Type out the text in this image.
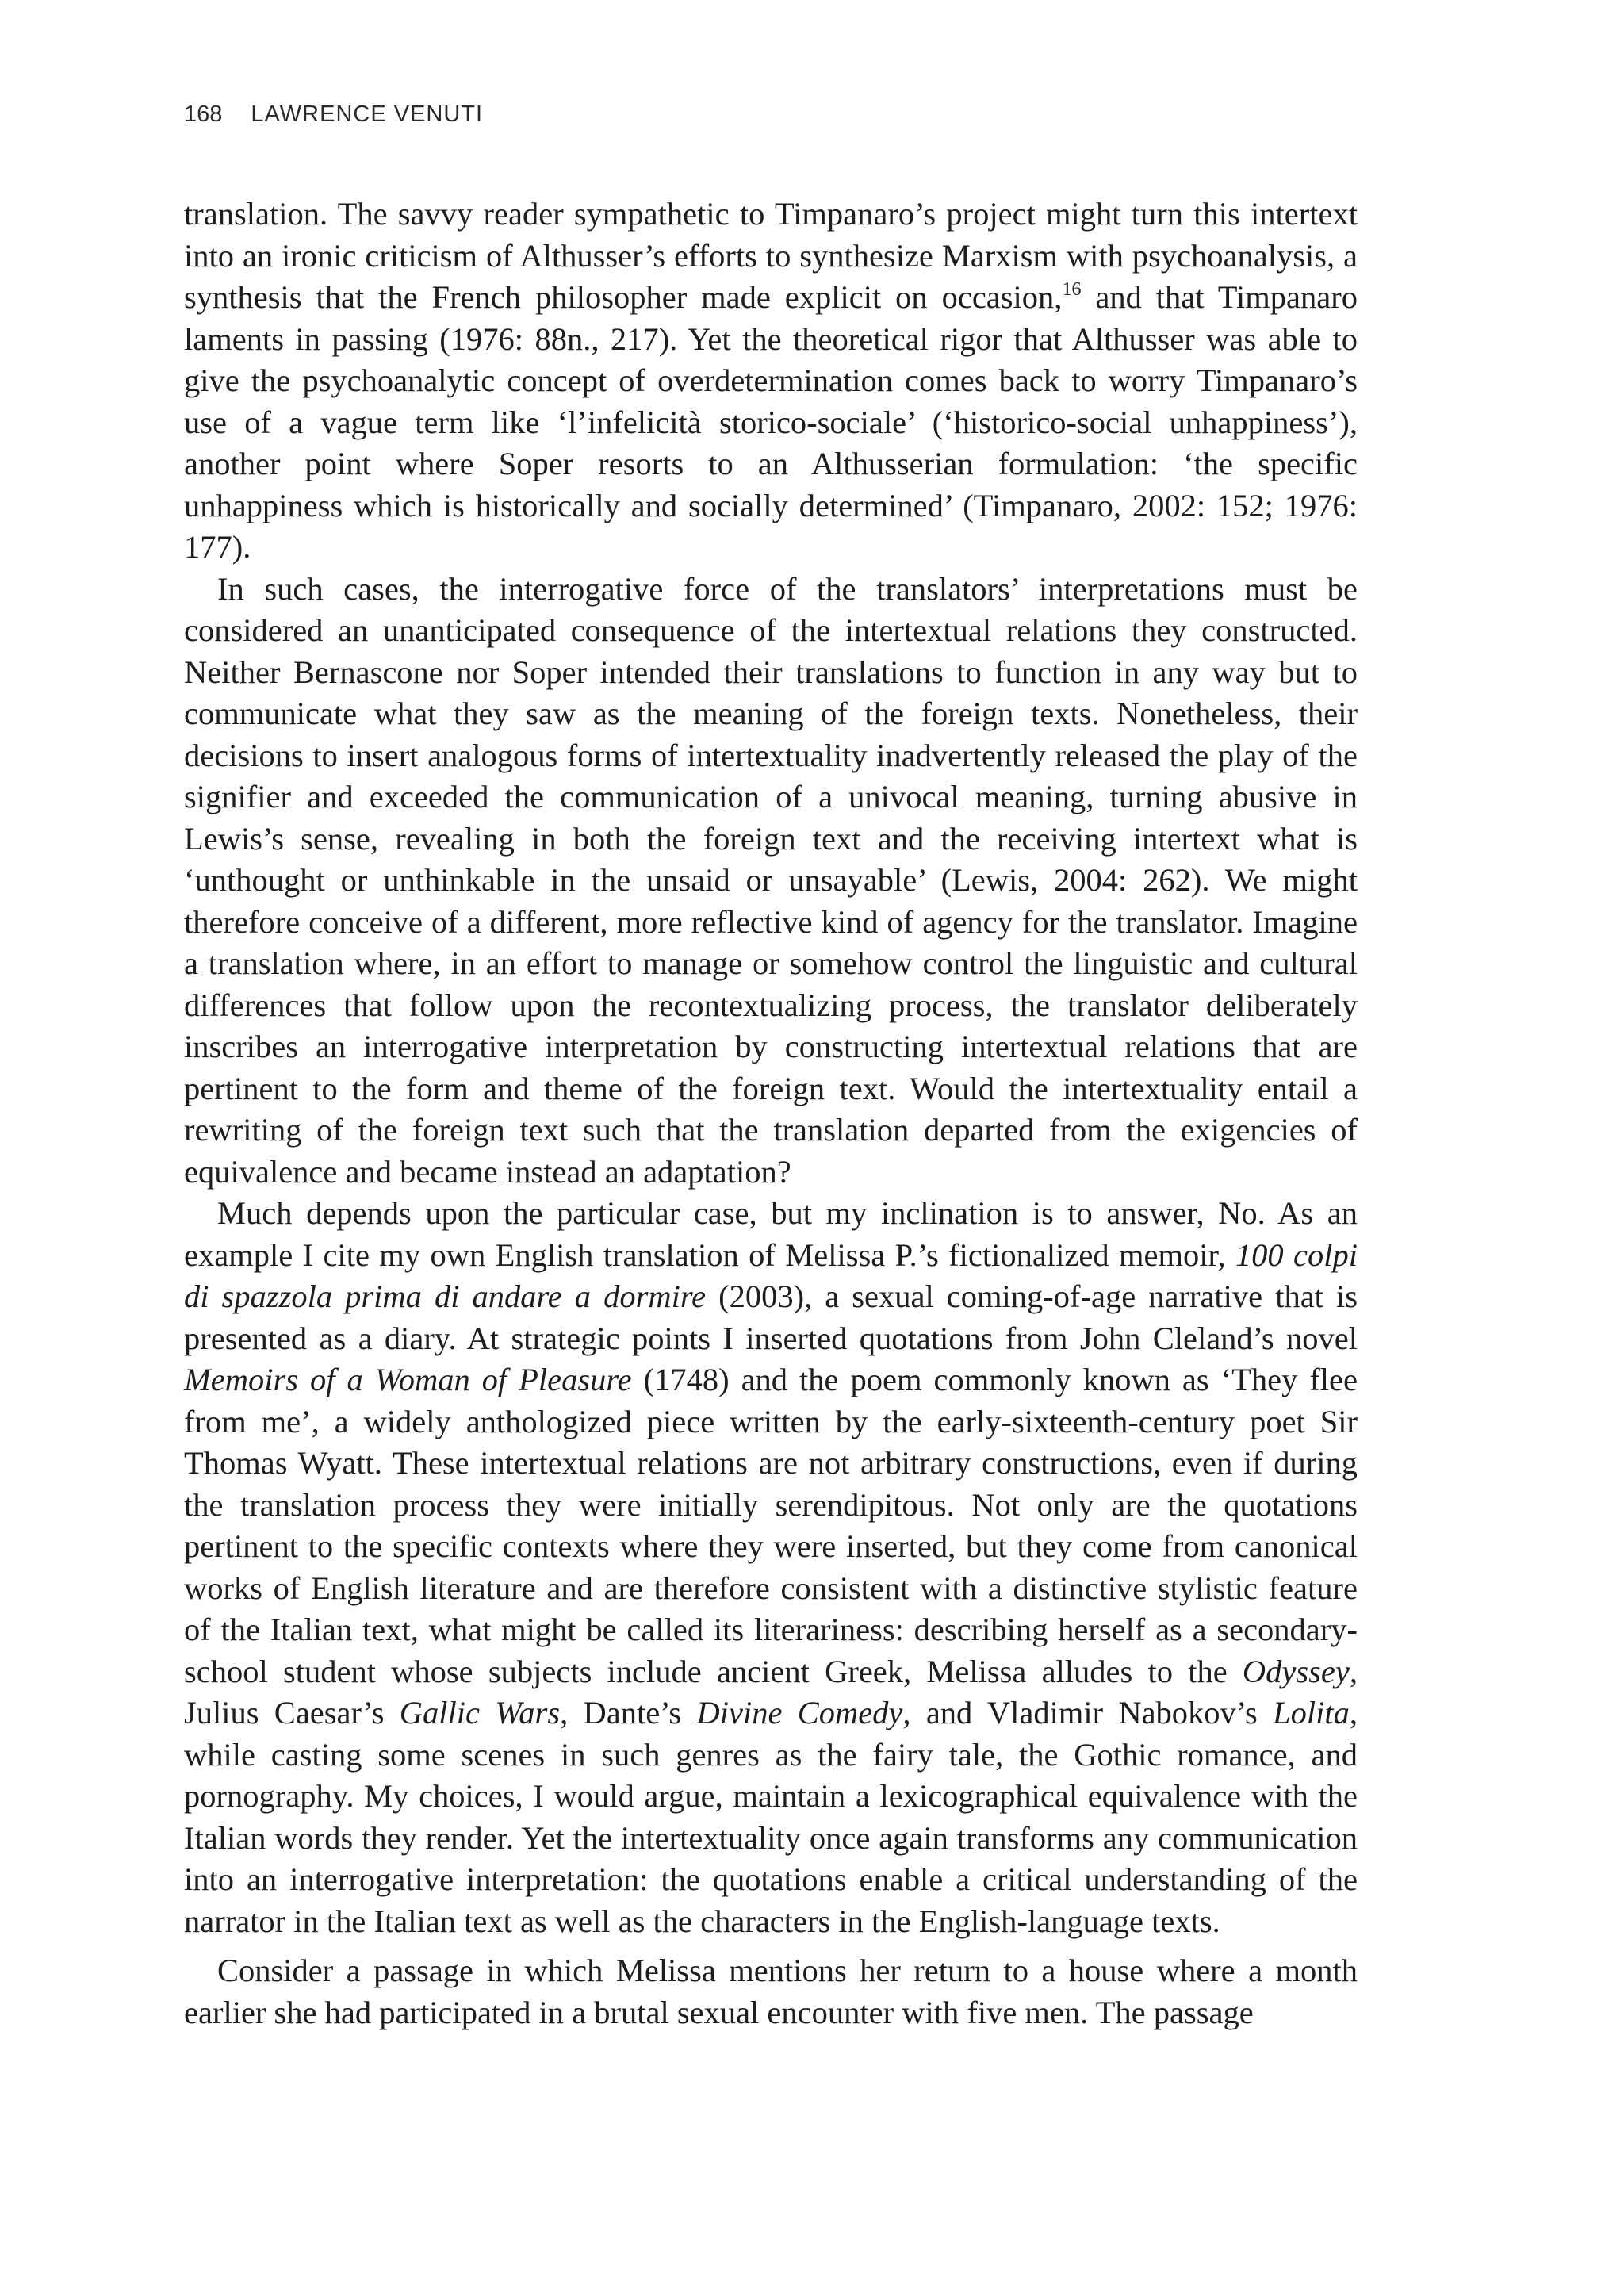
168 LAWRENCE VENUTI

translation. The savvy reader sympathetic to Timpanaro’s project might turn this intertext into an ironic criticism of Althusser’s efforts to synthesize Marxism with psychoanalysis, a synthesis that the French philosopher made explicit on occasion,$^{16}$ and that Timpanaro laments in passing (1976: 88n., 217). Yet the theoretical rigor that Althusser was able to give the psychoanalytic concept of overdetermination comes back to worry Timpanaro’s use of a vague term like ‘l’infelicità storico-sociale’ (‘historico-social unhappiness’), another point where Soper resorts to an Althusserian formulation: ‘the specific unhappiness which is historically and socially determined’ (Timpanaro, 2002: 152; 1976: 177).

In such cases, the interrogative force of the translators’ interpretations must be considered an unanticipated consequence of the intertextual relations they constructed. Neither Bernascone nor Soper intended their translations to function in any way but to communicate what they saw as the meaning of the foreign texts. Nonetheless, their decisions to insert analogous forms of intertextuality inadvertently released the play of the signifier and exceeded the communication of a univocal meaning, turning abusive in Lewis’s sense, revealing in both the foreign text and the receiving intertext what is ‘unthought or unthinkable in the unsaid or unsayable’ (Lewis, 2004: 262). We might therefore conceive of a different, more reflective kind of agency for the translator. Imagine a translation where, in an effort to manage or somehow control the linguistic and cultural differences that follow upon the recontextualizing process, the translator deliberately inscribes an interrogative interpretation by constructing intertextual relations that are pertinent to the form and theme of the foreign text. Would the intertextuality entail a rewriting of the foreign text such that the translation departed from the exigencies of equivalence and became instead an adaptation?

Much depends upon the particular case, but my inclination is to answer, No. As an example I cite my own English translation of Melissa P.’s fictionalized memoir, 100 colpi di spazzola prima di andare a dormire (2003), a sexual coming-of-age narrative that is presented as a diary. At strategic points I inserted quotations from John Cleland’s novel Memoirs of a Woman of Pleasure (1748) and the poem commonly known as ‘They flee from me’, a widely anthologized piece written by the early-sixteenth-century poet Sir Thomas Wyatt. These intertextual relations are not arbitrary constructions, even if during the translation process they were initially serendipitous. Not only are the quotations pertinent to the specific contexts where they were inserted, but they come from canonical works of English literature and are therefore consistent with a distinctive stylistic feature of the Italian text, what might be called its literariness: describing herself as a secondary-school student whose subjects include ancient Greek, Melissa alludes to the Odyssey, Julius Caesar’s Gallic Wars, Dante’s Divine Comedy, and Vladimir Nabokov’s Lolita, while casting some scenes in such genres as the fairy tale, the Gothic romance, and pornography. My choices, I would argue, maintain a lexicographical equivalence with the Italian words they render. Yet the intertextuality once again transforms any communication into an interrogative interpretation: the quotations enable a critical understanding of the narrator in the Italian text as well as the characters in the English-language texts.

Consider a passage in which Melissa mentions her return to a house where a month earlier she had participated in a brutal sexual encounter with five men. The passage
